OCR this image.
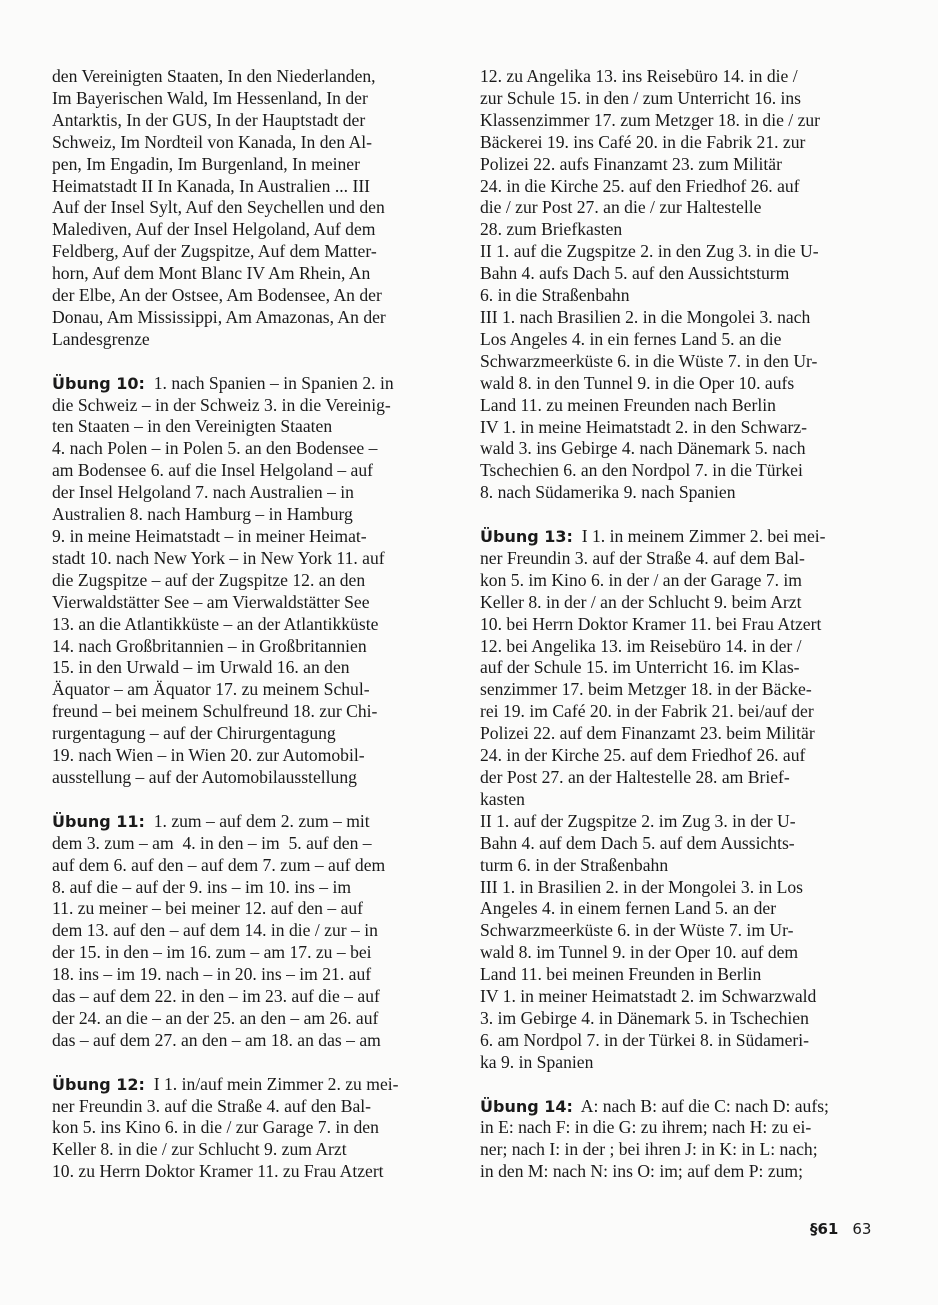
den Vereinigten Staaten, In den Niederlanden,
Im Bayerischen Wald, Im Hessenland, In der
Antarktis, In der GUS, In der Hauptstadt der
Schweiz, Im Nordteil von Kanada, In den Al-
pen, Im Engadin, Im Burgenland, In meiner
Heimatstadt II In Kanada, In Australien ... III
Auf der Insel Sylt, Auf den Seychellen und den
Malediven, Auf der Insel Helgoland, Auf dem
Feldberg, Auf der Zugspitze, Auf dem Matter-
horn, Auf dem Mont Blanc IV Am Rhein, An
der Elbe, An der Ostsee, Am Bodensee, An der
Donau, Am Mississippi, Am Amazonas, An der
Landesgrenze
Übung 10:  1. nach Spanien – in Spanien 2. in
die Schweiz – in der Schweiz 3. in die Vereinig-
ten Staaten – in den Vereinigten Staaten
4. nach Polen – in Polen 5. an den Bodensee –
am Bodensee 6. auf die Insel Helgoland – auf
der Insel Helgoland 7. nach Australien – in
Australien 8. nach Hamburg – in Hamburg
9. in meine Heimatstadt – in meiner Heimat-
stadt 10. nach New York – in New York 11. auf
die Zugspitze – auf der Zugspitze 12. an den
Vierwaldstätter See – am Vierwaldstätter See
13. an die Atlantikküste – an der Atlantikküste
14. nach Großbritannien – in Großbritannien
15. in den Urwald – im Urwald 16. an den
Äquator – am Äquator 17. zu meinem Schul-
freund – bei meinem Schulfreund 18. zur Chi-
rurgentagung – auf der Chirurgentagung
19. nach Wien – in Wien 20. zur Automobil-
ausstellung – auf der Automobilausstellung
Übung 11:  1. zum – auf dem 2. zum – mit
dem 3. zum – am  4. in den – im  5. auf den –
auf dem 6. auf den – auf dem 7. zum – auf dem
8. auf die – auf der 9. ins – im 10. ins – im
11. zu meiner – bei meiner 12. auf den – auf
dem 13. auf den – auf dem 14. in die / zur – in
der 15. in den – im 16. zum – am 17. zu – bei
18. ins – im 19. nach – in 20. ins – im 21. auf
das – auf dem 22. in den – im 23. auf die – auf
der 24. an die – an der 25. an den – am 26. auf
das – auf dem 27. an den – am 18. an das – am
Übung 12:  I 1. in/auf mein Zimmer 2. zu mei-
ner Freundin 3. auf die Straße 4. auf den Bal-
kon 5. ins Kino 6. in die / zur Garage 7. in den
Keller 8. in die / zur Schlucht 9. zum Arzt
10. zu Herrn Doktor Kramer 11. zu Frau Atzert
12. zu Angelika 13. ins Reisebüro 14. in die /
zur Schule 15. in den / zum Unterricht 16. ins
Klassenzimmer 17. zum Metzger 18. in die / zur
Bäckerei 19. ins Café 20. in die Fabrik 21. zur
Polizei 22. aufs Finanzamt 23. zum Militär
24. in die Kirche 25. auf den Friedhof 26. auf
die / zur Post 27. an die / zur Haltestelle
28. zum Briefkasten
II 1. auf die Zugspitze 2. in den Zug 3. in die U-
Bahn 4. aufs Dach 5. auf den Aussichtsturm
6. in die Straßenbahn
III 1. nach Brasilien 2. in die Mongolei 3. nach
Los Angeles 4. in ein fernes Land 5. an die
Schwarzmeerküste 6. in die Wüste 7. in den Ur-
wald 8. in den Tunnel 9. in die Oper 10. aufs
Land 11. zu meinen Freunden nach Berlin
IV 1. in meine Heimatstadt 2. in den Schwarz-
wald 3. ins Gebirge 4. nach Dänemark 5. nach
Tschechien 6. an den Nordpol 7. in die Türkei
8. nach Südamerika 9. nach Spanien
Übung 13:  I 1. in meinem Zimmer 2. bei mei-
ner Freundin 3. auf der Straße 4. auf dem Bal-
kon 5. im Kino 6. in der / an der Garage 7. im
Keller 8. in der / an der Schlucht 9. beim Arzt
10. bei Herrn Doktor Kramer 11. bei Frau Atzert
12. bei Angelika 13. im Reisebüro 14. in der /
auf der Schule 15. im Unterricht 16. im Klas-
senzimmer 17. beim Metzger 18. in der Bäcke-
rei 19. im Café 20. in der Fabrik 21. bei/auf der
Polizei 22. auf dem Finanzamt 23. beim Militär
24. in der Kirche 25. auf dem Friedhof 26. auf
der Post 27. an der Haltestelle 28. am Brief-
kasten
II 1. auf der Zugspitze 2. im Zug 3. in der U-
Bahn 4. auf dem Dach 5. auf dem Aussichts-
turm 6. in der Straßenbahn
III 1. in Brasilien 2. in der Mongolei 3. in Los
Angeles 4. in einem fernen Land 5. an der
Schwarzmeerküste 6. in der Wüste 7. im Ur-
wald 8. im Tunnel 9. in der Oper 10. auf dem
Land 11. bei meinen Freunden in Berlin
IV 1. in meiner Heimatstadt 2. im Schwarzwald
3. im Gebirge 4. in Dänemark 5. in Tschechien
6. am Nordpol 7. in der Türkei 8. in Südameri-
ka 9. in Spanien
Übung 14:  A: nach B: auf die C: nach D: aufs;
in E: nach F: in die G: zu ihrem; nach H: zu ei-
ner; nach I: in der ; bei ihren J: in K: in L: nach;
in den M: nach N: ins O: im; auf dem P: zum;
§61 63
